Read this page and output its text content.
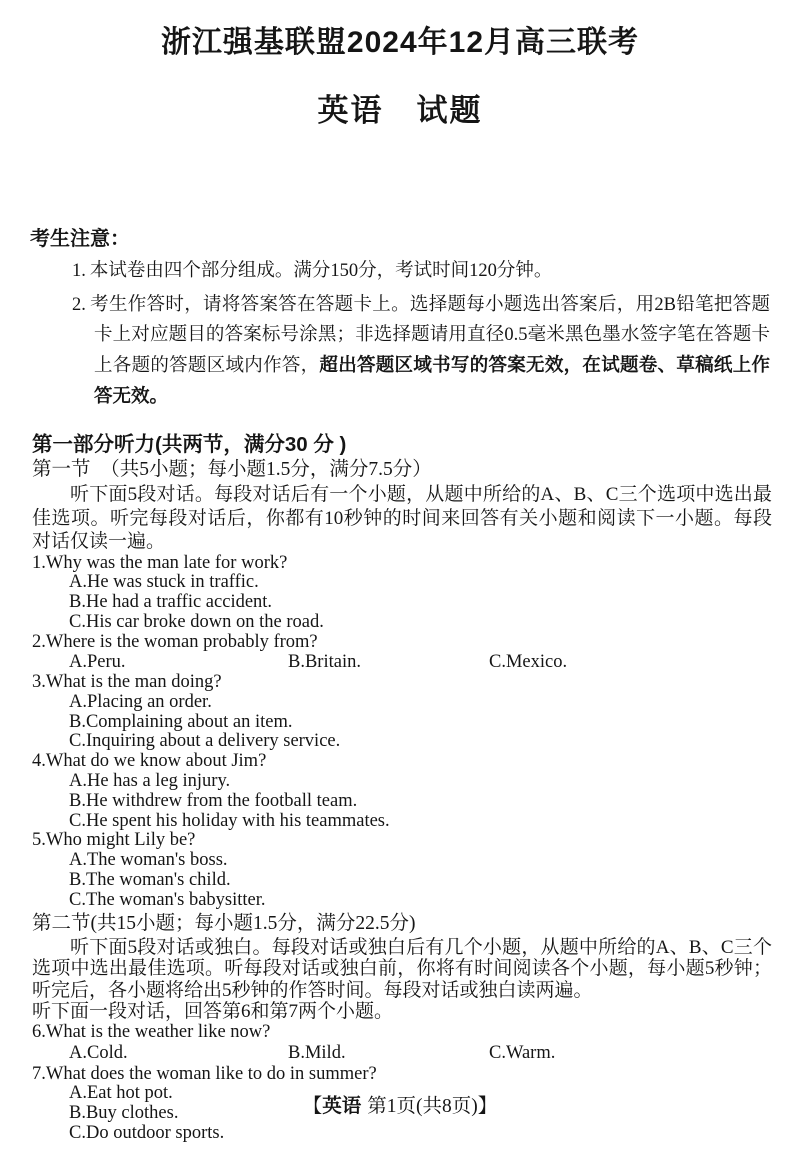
浙江强基联盟2024年12月高三联考
英语　试题
考生注意：

1. 本试卷由四个部分组成。满分150分，考试时间120分钟。

2. 考生作答时，请将答案答在答题卡上。选择题每小题选出答案后，用2B铅笔把答题卡上对应题目的答案标号涂黑；非选择题请用直径0.5毫米黑色墨水签字笔在答题卡上各题的答题区域内作答，超出答题区域书写的答案无效，在试题卷、草稿纸上作答无效。

第一部分听力(共两节，满分30 分 )
第一节　（共5小题；每小题1.5分，满分7.5分）

听下面5段对话。每段对话后有一个小题，从题中所给的A、B、C三个选项中选出最佳选项。听完每段对话后，你都有10秒钟的时间来回答有关小题和阅读下一小题。每段对话仅读一遍。

1.Why was the man late for work?
A.He was stuck in traffic.
B.He had a traffic accident.
C.His car broke down on the road.
2.Where is the woman probably from?
A.Peru.	B.Britain.	C.Mexico.
3.What is the man doing?
A.Placing an order.
B.Complaining about an item.
C.Inquiring about a delivery service.
4.What do we know about Jim?
A.He has a leg injury.
B.He withdrew from the football team.
C.He spent his holiday with his teammates.
5.Who might Lily be?
A.The woman's boss.
B.The woman's child.
C.The woman's babysitter.
第二节(共15小题；每小题1.5分，满分22.5分)

听下面5段对话或独白。每段对话或独白后有几个小题，从题中所给的A、B、C三个选项中选出最佳选项。听每段对话或独白前，你将有时间阅读各个小题，每小题5秒钟；听完后，各小题将给出5秒钟的作答时间。每段对话或独白读两遍。

听下面一段对话，回答第6和第7两个小题。

6.What is the weather like now?
A.Cold.	B.Mild.	C.Warm.
7.What does the woman like to do in summer?
A.Eat hot pot.
B.Buy clothes.
C.Do outdoor sports.
【英语 第1页(共8页)】
